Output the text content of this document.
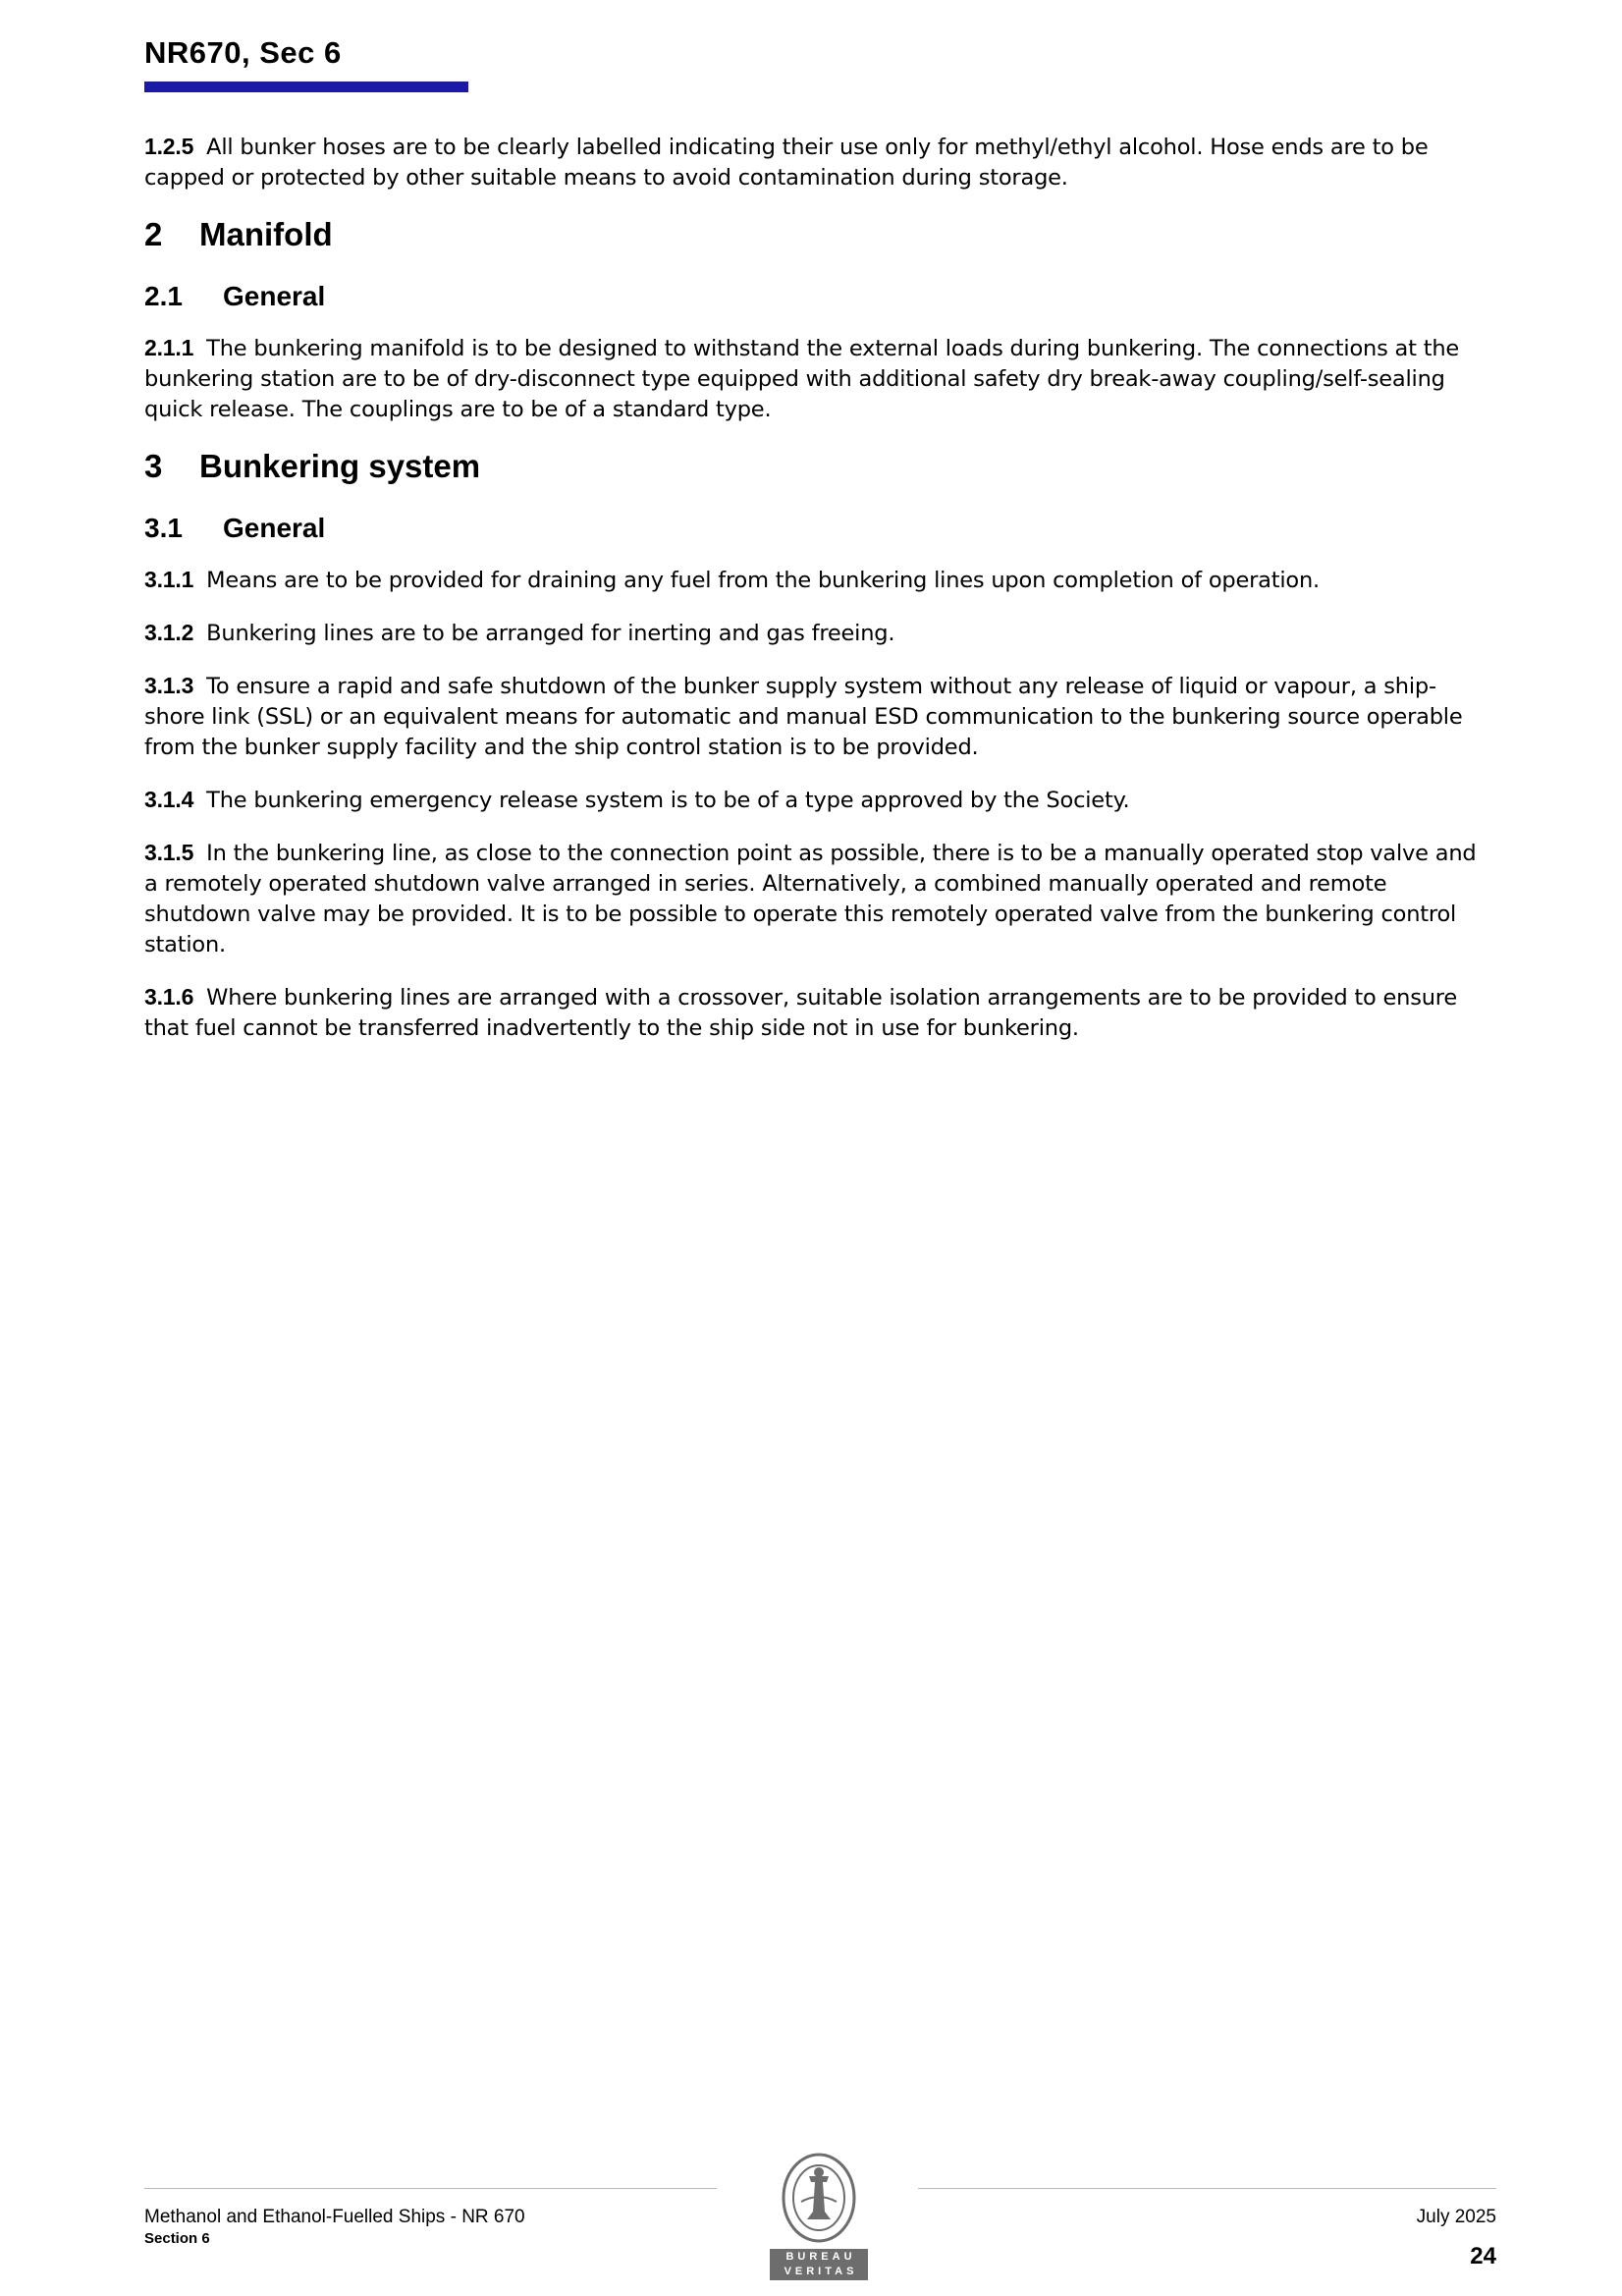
NR670, Sec 6

1.2.5 All bunker hoses are to be clearly labelled indicating their use only for methyl/ethyl alcohol. Hose ends are to be capped or protected by other suitable means to avoid contamination during storage.

2 Manifold
2.1 General

2.1.1 The bunkering manifold is to be designed to withstand the external loads during bunkering. The connections at the bunkering station are to be of dry-disconnect type equipped with additional safety dry break-away coupling/self-sealing quick release. The couplings are to be of a standard type.

3 Bunkering system
3.1 General

3.1.1 Means are to be provided for draining any fuel from the bunkering lines upon completion of operation.

3.1.2 Bunkering lines are to be arranged for inerting and gas freeing.

3.1.3 To ensure a rapid and safe shutdown of the bunker supply system without any release of liquid or vapour, a ship-shore link (SSL) or an equivalent means for automatic and manual ESD communication to the bunkering source operable from the bunker supply facility and the ship control station is to be provided.

3.1.4 The bunkering emergency release system is to be of a type approved by the Society.

3.1.5 In the bunkering line, as close to the connection point as possible, there is to be a manually operated stop valve and a remotely operated shutdown valve arranged in series. Alternatively, a combined manually operated and remote shutdown valve may be provided. It is to be possible to operate this remotely operated valve from the bunkering control station.

3.1.6 Where bunkering lines are arranged with a crossover, suitable isolation arrangements are to be provided to ensure that fuel cannot be transferred inadvertently to the ship side not in use for bunkering.

Methanol and Ethanol-Fuelled Ships - NR 670
Section 6
BUREAU
VERITAS
July 2025
24
